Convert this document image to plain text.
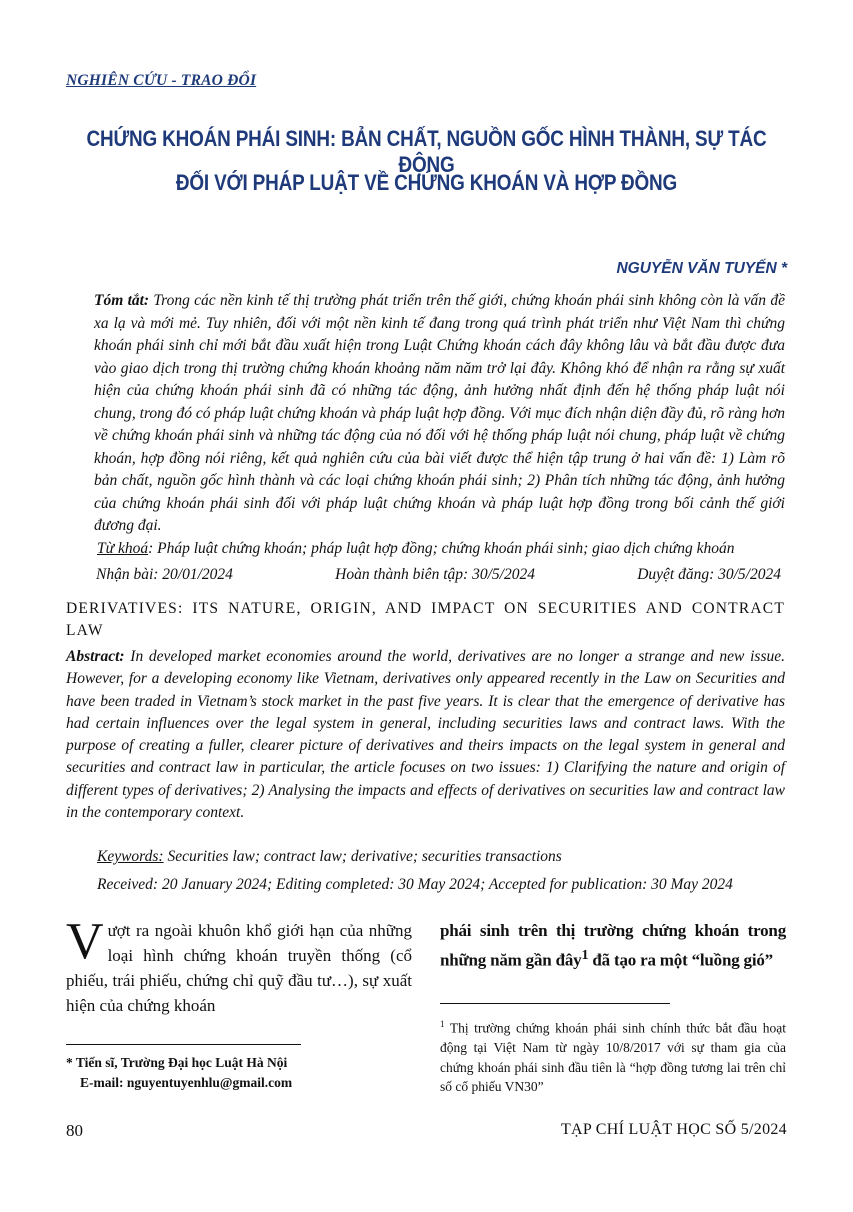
NGHIÊN CỨU - TRAO ĐỔI
CHỨNG KHOÁN PHÁI SINH: BẢN CHẤT, NGUỒN GỐC HÌNH THÀNH, SỰ TÁC ĐỘNG
ĐỐI VỚI PHÁP LUẬT VỀ CHỨNG KHOÁN VÀ HỢP ĐỒNG
NGUYỄN VĂN TUYẾN *
Tóm tắt: Trong các nền kinh tế thị trường phát triển trên thế giới, chứng khoán phái sinh không còn là vấn đề xa lạ và mới mẻ. Tuy nhiên, đối với một nền kinh tế đang trong quá trình phát triển như Việt Nam thì chứng khoán phái sinh chỉ mới bắt đầu xuất hiện trong Luật Chứng khoán cách đây không lâu và bắt đầu được đưa vào giao dịch trong thị trường chứng khoán khoảng năm năm trở lại đây. Không khó để nhận ra rằng sự xuất hiện của chứng khoán phái sinh đã có những tác động, ảnh hưởng nhất định đến hệ thống pháp luật nói chung, trong đó có pháp luật chứng khoán và pháp luật hợp đồng. Với mục đích nhận diện đầy đủ, rõ ràng hơn về chứng khoán phái sinh và những tác động của nó đối với hệ thống pháp luật nói chung, pháp luật về chứng khoán, hợp đồng nói riêng, kết quả nghiên cứu của bài viết được thể hiện tập trung ở hai vấn đề: 1) Làm rõ bản chất, nguồn gốc hình thành và các loại chứng khoán phái sinh; 2) Phân tích những tác động, ảnh hưởng của chứng khoán phái sinh đối với pháp luật chứng khoán và pháp luật hợp đồng trong bối cảnh thế giới đương đại.
Từ khoá: Pháp luật chứng khoán; pháp luật hợp đồng; chứng khoán phái sinh; giao dịch chứng khoán
Nhận bài: 20/01/2024	Hoàn thành biên tập: 30/5/2024	Duyệt đăng: 30/5/2024
DERIVATIVES: ITS NATURE, ORIGIN, AND IMPACT ON SECURITIES AND CONTRACT LAW
Abstract: In developed market economies around the world, derivatives are no longer a strange and new issue. However, for a developing economy like Vietnam, derivatives only appeared recently in the Law on Securities and have been traded in Vietnam’s stock market in the past five years. It is clear that the emergence of derivative has had certain influences over the legal system in general, including securities laws and contract laws. With the purpose of creating a fuller, clearer picture of derivatives and theirs impacts on the legal system in general and securities and contract law in particular, the article focuses on two issues: 1) Clarifying the nature and origin of different types of derivatives; 2) Analysing the impacts and effects of derivatives on securities law and contract law in the contemporary context.
Keywords: Securities law; contract law; derivative; securities transactions
Received: 20 January 2024; Editing completed: 30 May 2024; Accepted for publication: 30 May 2024
Vượt ra ngoài khuôn khổ giới hạn của những loại hình chứng khoán truyền thống (cổ phiếu, trái phiếu, chứng chỉ quỹ đầu tư…), sự xuất hiện của chứng khoán
phái sinh trên thị trường chứng khoán trong những năm gần đây$^1$ đã tạo ra một “luồng gió”
$^1$ Thị trường chứng khoán phái sinh chính thức bắt đầu hoạt động tại Việt Nam từ ngày 10/8/2017 với sự tham gia của chứng khoán phái sinh đầu tiên là “hợp đồng tương lai trên chỉ số cổ phiếu VN30”
* Tiến sĩ, Trường Đại học Luật Hà Nội
E-mail: nguyentuyenhlu@gmail.com
80	TẠP CHÍ LUẬT HỌC SỐ 5/2024
